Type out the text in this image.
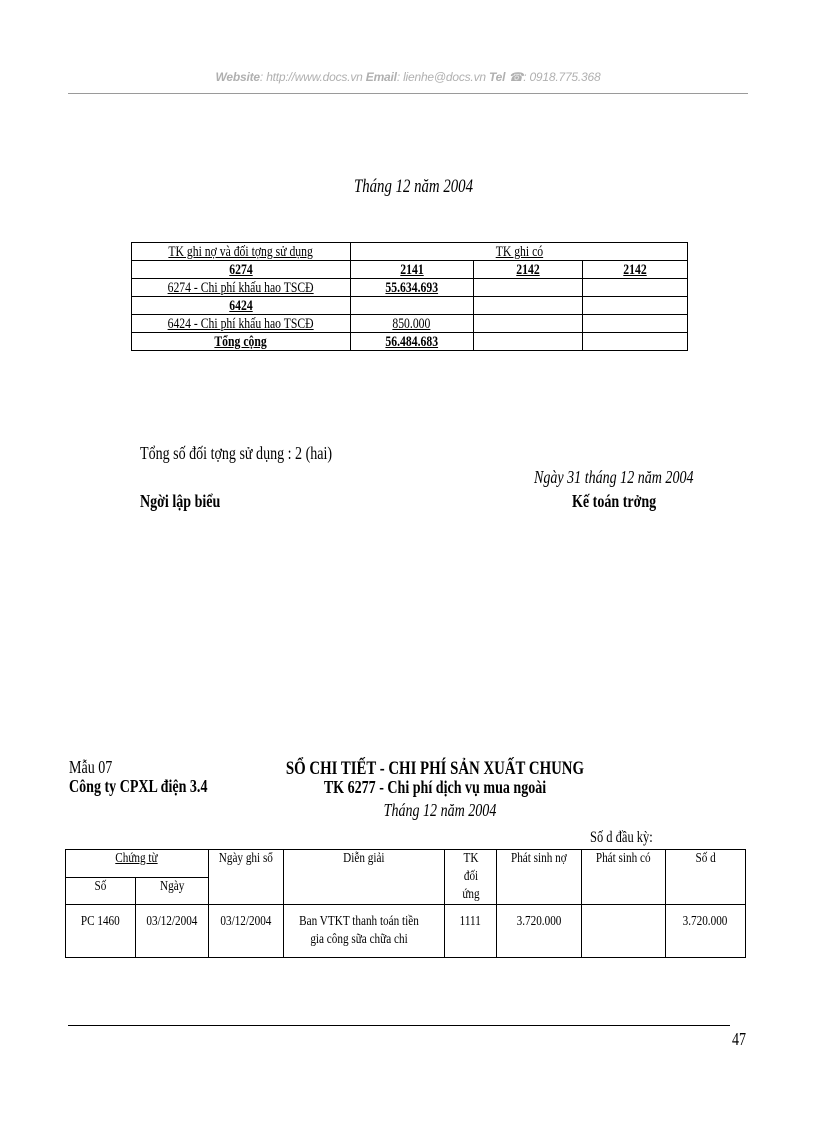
Website: http://www.docs.vn Email: lienhe@docs.vn Tel ☎: 0918.775.368
Tháng 12 năm 2004
TK ghi nợ và đối tợng sử dụng	TK ghi có		
6274	2141	2142	2142
6274 - Chi phí khấu hao TSCĐ	55.634.693		
6424			
6424 - Chi phí khấu hao TSCĐ	850.000		
Tổng cộng	56.484.683		
Tổng số đối tợng sử dụng : 2 (hai)
Ngày 31 tháng 12 năm 2004
Ngời lập biểu	Kế toán trởng
Mẫu 07
Công ty CPXL điện 3.4
SỔ CHI TIẾT - CHI PHÍ SẢN XUẤT CHUNG
TK 6277 - Chi phí dịch vụ mua ngoài
Tháng 12 năm 2004
Số d đầu kỳ:
Chứng từ		Ngày ghi sổ	Diễn giải	TK đối ứng	Phát sinh nợ	Phát sinh có	Số d
Số	Ngày						
PC 1460	03/12/2004	03/12/2004	Ban VTKT thanh toán tiền gia công sữa chữa chi	1111	3.720.000		3.720.000
47
